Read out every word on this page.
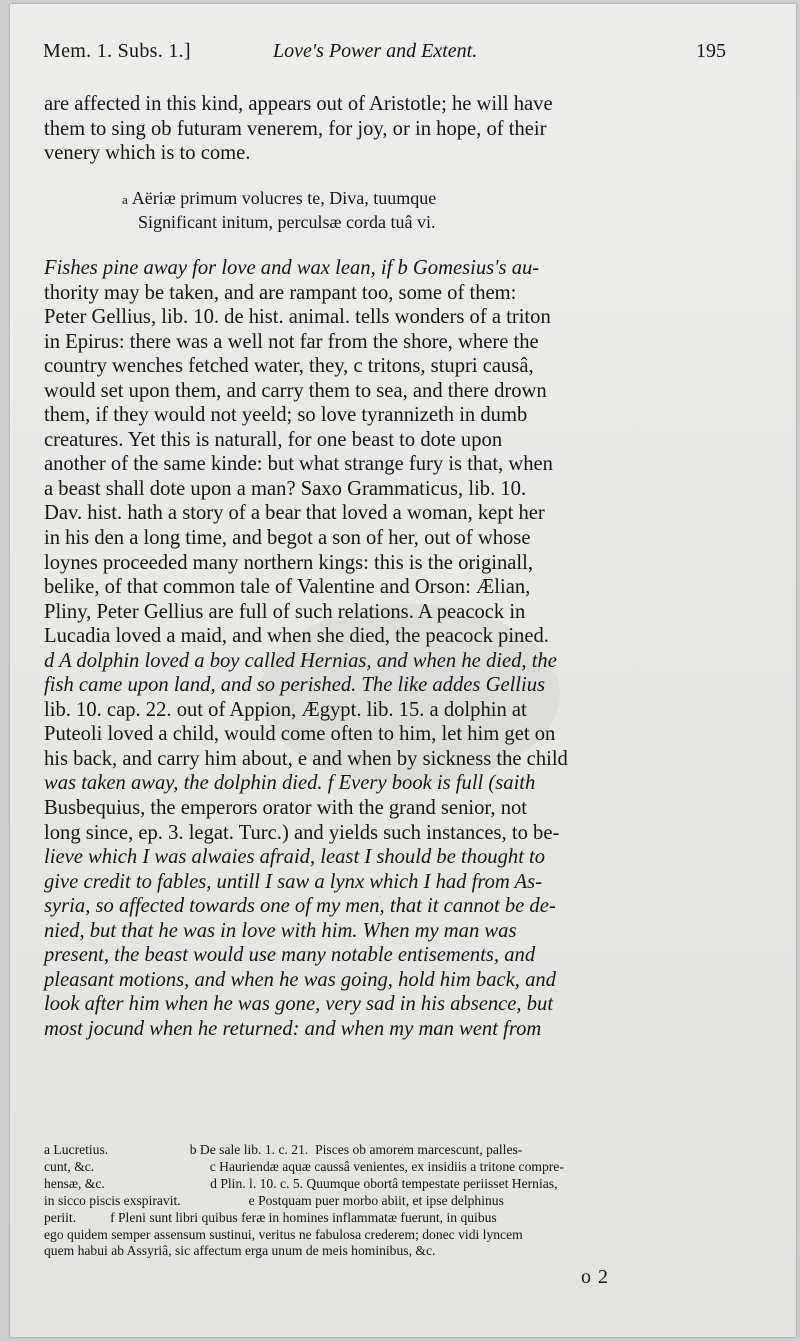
Mem. 1. Subs. 1.]	Love's Power and Extent.	195
are affected in this kind, appears out of Aristotle; he will have
them to sing ob futuram venerem, for joy, or in hope, of their
venery which is to come.
a Aëriæ primum volucres te, Diva, tuumque
Significant initum, perculsæ corda tuâ vi.
Fishes pine away for love and wax lean, if b Gomesius's au-
thority may be taken, and are rampant too, some of them:
Peter Gellius, lib. 10. de hist. animal. tells wonders of a triton
in Epirus: there was a well not far from the shore, where the
country wenches fetched water, they, c tritons, stupri causâ,
would set upon them, and carry them to sea, and there drown
them, if they would not yeeld; so love tyrannizeth in dumb
creatures. Yet this is naturall, for one beast to dote upon
another of the same kinde: but what strange fury is that, when
a beast shall dote upon a man? Saxo Grammaticus, lib. 10.
Dav. hist. hath a story of a bear that loved a woman, kept her
in his den a long time, and begot a son of her, out of whose
loynes proceeded many northern kings: this is the originall,
belike, of that common tale of Valentine and Orson: Ælian,
Pliny, Peter Gellius are full of such relations. A peacock in
Lucadia loved a maid, and when she died, the peacock pined.
d A dolphin loved a boy called Hernias, and when he died, the
fish came upon land, and so perished. The like addes Gellius
lib. 10. cap. 22. out of Appion, Ægypt. lib. 15. a dolphin at
Puteoli loved a child, would come often to him, let him get on
his back, and carry him about, e and when by sickness the child
was taken away, the dolphin died. f Every book is full (saith
Busbequius, the emperors orator with the grand senior, not
long since, ep. 3. legat. Turc.) and yields such instances, to be-
lieve which I was alwaies afraid, least I should be thought to
give credit to fables, untill I saw a lynx which I had from As-
syria, so affected towards one of my men, that it cannot be de-
nied, but that he was in love with him. When my man was
present, the beast would use many notable entisements, and
pleasant motions, and when he was going, hold him back, and
look after him when he was gone, very sad in his absence, but
most jocund when he returned: and when my man went from
a Lucretius.                        b De sale lib. 1. c. 21.  Pisces ob amorem marcescunt, palles-
cunt, &c.                                  c Hauriendæ aquæ caussâ venientes, ex insidiis a tritone compre-
hensæ, &c.                               d Plin. l. 10. c. 5. Quumque obortâ tempestate periisset Hernias,
in sicco piscis exspiravit.                    e Postquam puer morbo abiit, et ipse delphinus
periit.          f Pleni sunt libri quibus feræ in homines inflammatæ fuerunt, in quibus
ego quidem semper assensum sustinui, veritus ne fabulosa crederem; donec vidi lyncem
quem habui ab Assyriâ, sic affectum erga unum de meis hominibus, &c.
o 2
